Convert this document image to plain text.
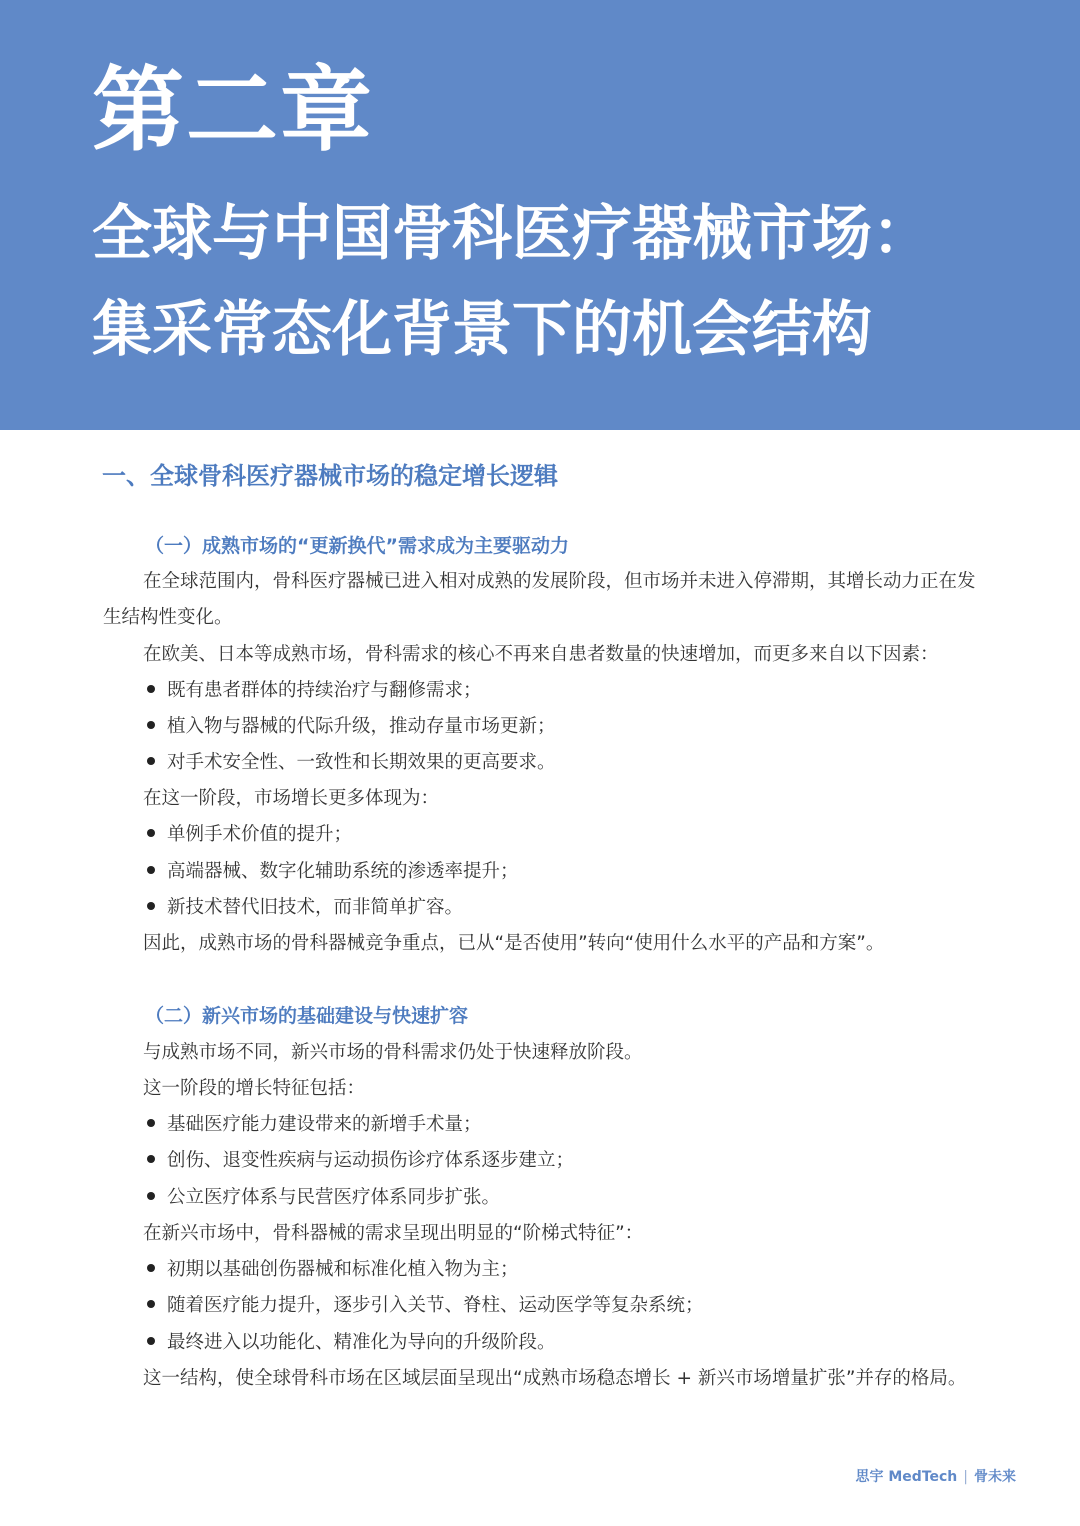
第二章
全球与中国骨科医疗器械市场：
集采常态化背景下的机会结构
一、全球骨科医疗器械市场的稳定增长逻辑
（一）成熟市场的“更新换代”需求成为主要驱动力

在全球范围内，骨科医疗器械已进入相对成熟的发展阶段，但市场并未进入停滞期，其增长动力正在发生结构性变化。

在欧美、日本等成熟市场，骨科需求的核心不再来自患者数量的快速增加，而更多来自以下因素：

既有患者群体的持续治疗与翻修需求；

植入物与器械的代际升级，推动存量市场更新；

对手术安全性、一致性和长期效果的更高要求。

在这一阶段，市场增长更多体现为：

单例手术价值的提升；

高端器械、数字化辅助系统的渗透率提升；

新技术替代旧技术，而非简单扩容。

因此，成熟市场的骨科器械竞争重点，已从“是否使用”转向“使用什么水平的产品和方案”。

（二）新兴市场的基础建设与快速扩容

与成熟市场不同，新兴市场的骨科需求仍处于快速释放阶段。

这一阶段的增长特征包括：

基础医疗能力建设带来的新增手术量；

创伤、退变性疾病与运动损伤诊疗体系逐步建立；

公立医疗体系与民营医疗体系同步扩张。

在新兴市场中，骨科器械的需求呈现出明显的“阶梯式特征”：

初期以基础创伤器械和标准化植入物为主；

随着医疗能力提升，逐步引入关节、脊柱、运动医学等复杂系统；

最终进入以功能化、精准化为导向的升级阶段。

这一结构，使全球骨科市场在区域层面呈现出“成熟市场稳态增长 + 新兴市场增量扩张”并存的格局。

思宇 MedTech | 骨未来
